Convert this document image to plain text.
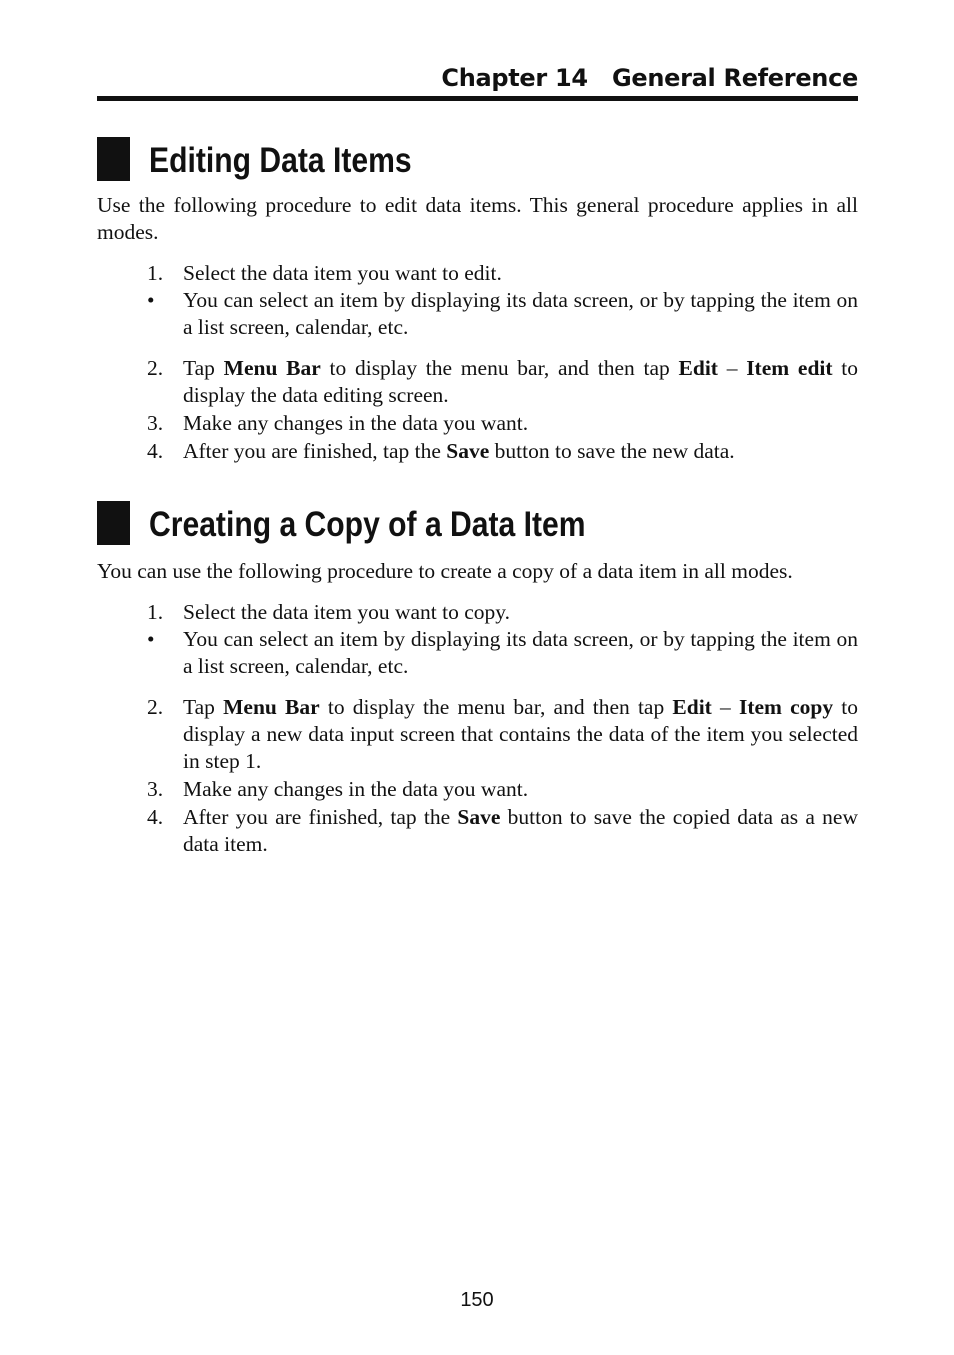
Chapter 14   General Reference
Editing Data Items

Use the following procedure to edit data items. This general procedure applies in all modes.

1. Select the data item you want to edit.
• You can select an item by displaying its data screen, or by tapping the item on a list screen, calendar, etc.
2. Tap Menu Bar to display the menu bar, and then tap Edit – Item edit to display the data editing screen.
3. Make any changes in the data you want.
4. After you are finished, tap the Save button to save the new data.
Creating a Copy of a Data Item

You can use the following procedure to create a copy of a data item in all modes.

1. Select the data item you want to copy.
• You can select an item by displaying its data screen, or by tapping the item on a list screen, calendar, etc.
2. Tap Menu Bar to display the menu bar, and then tap Edit – Item copy to display a new data input screen that contains the data of the item you selected in step 1.
3. Make any changes in the data you want.
4. After you are finished, tap the Save button to save the copied data as a new data item.
150
